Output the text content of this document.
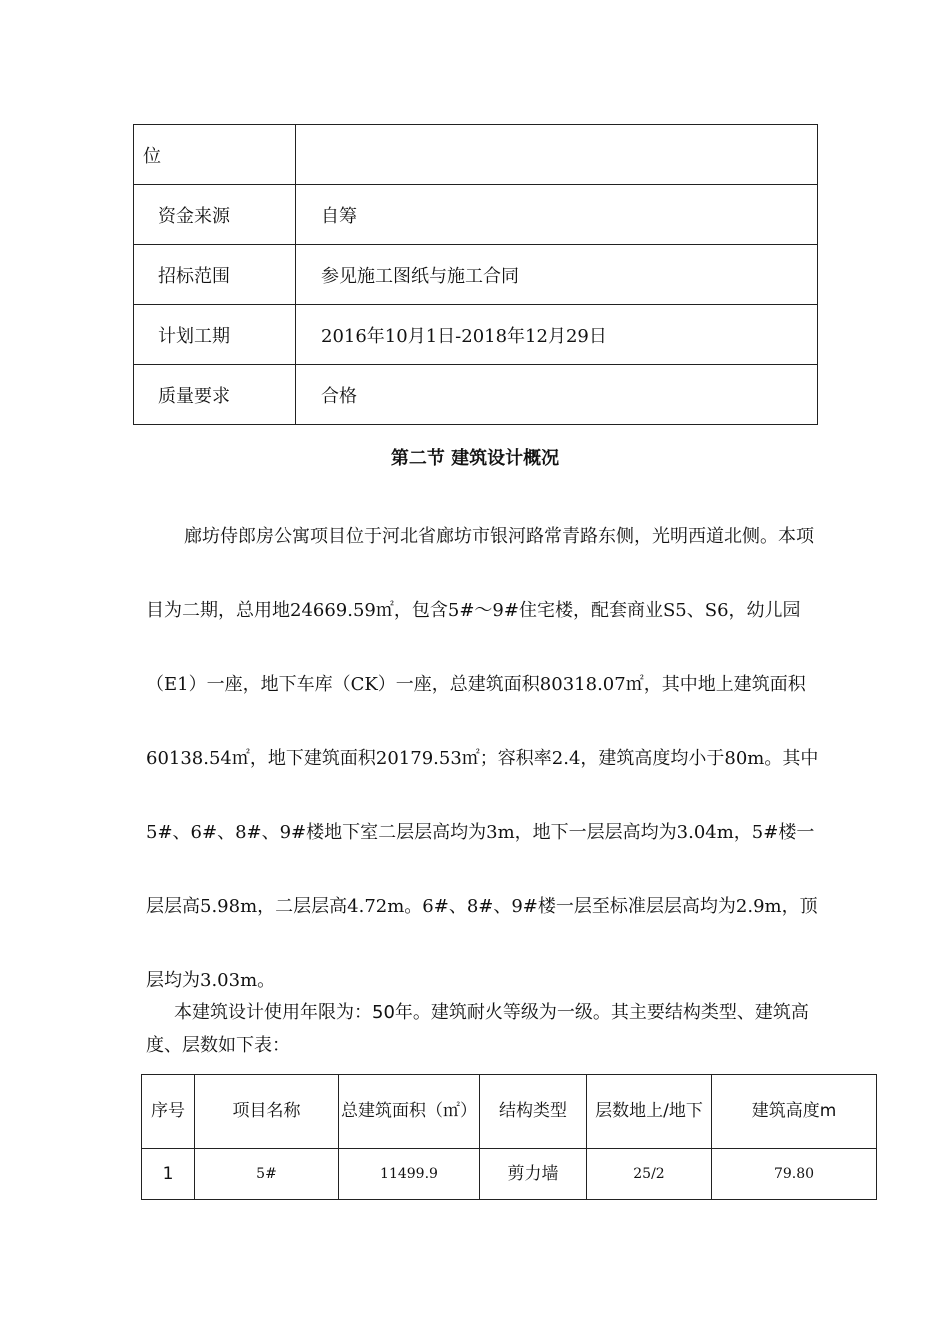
位	
资金来源	自筹
招标范围	参见施工图纸与施工合同
计划工期	2016年10月1日-2018年12月29日
质量要求	合格
第二节 建筑设计概况

廊坊侍郎房公寓项目位于河北省廊坊市银河路常青路东侧，光明西道北侧。本项目为二期，总用地24669.59㎡，包含5#～9#住宅楼，配套商业S5、S6，幼儿园（E1）一座，地下车库（CK）一座，总建筑面积80318.07㎡，其中地上建筑面积60138.54㎡，地下建筑面积20179.53㎡；容积率2.4，建筑高度均小于80m。其中5#、6#、8#、9#楼地下室二层层高均为3m，地下一层层高均为3.04m，5#楼一层层高5.98m，二层层高4.72m。6#、8#、9#楼一层至标准层层高均为2.9m，顶层均为3.03m。

本建筑设计使用年限为：50年。建筑耐火等级为一级。其主要结构类型、建筑高度、层数如下表：

序号	项目名称	总建筑面积（㎡）	结构类型	层数地上/地下	建筑高度m
1	5#	11499.9	剪力墙	25/2	79.80
